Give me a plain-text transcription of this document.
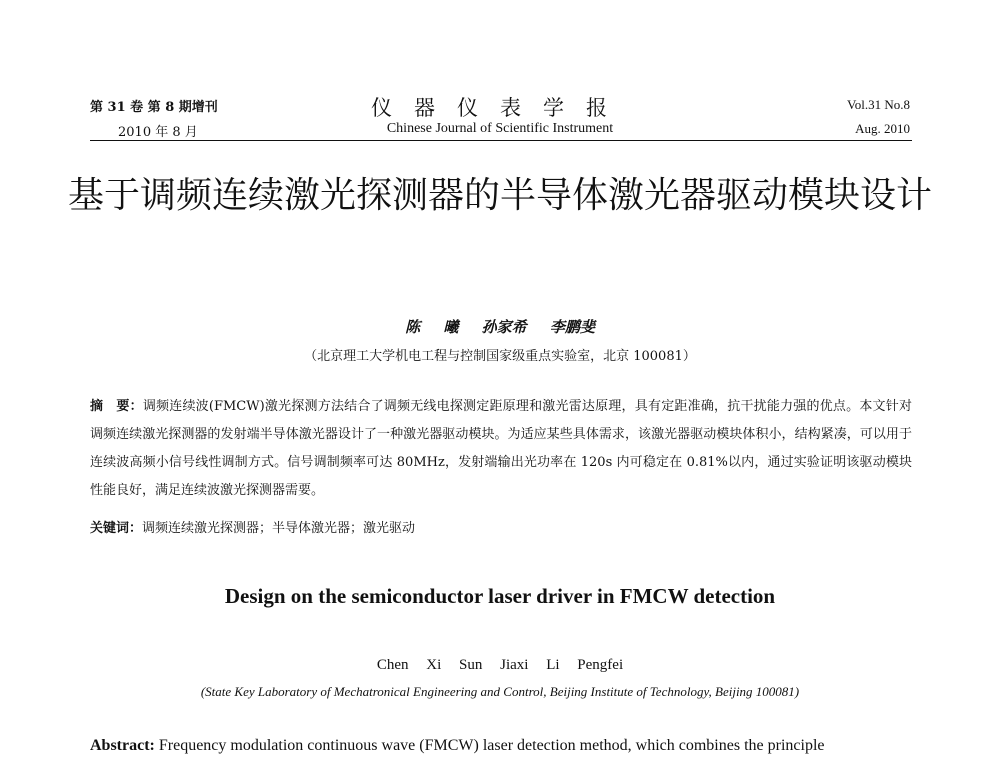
第 31 卷 第 8 期增刊
2010 年 8 月
仪器仪表学报
Chinese Journal of Scientific Instrument
Vol.31 No.8
Aug. 2010
基于调频连续激光探测器的半导体激光器驱动模块设计
陈 曦 孙家希 李鹏斐
（北京理工大学机电工程与控制国家级重点实验室，北京 100081）
摘　要：调频连续波(FMCW)激光探测方法结合了调频无线电探测定距原理和激光雷达原理，具有定距准确，抗干扰能力强的优点。本文针对调频连续激光探测器的发射端半导体激光器设计了一种激光器驱动模块。为适应某些具体需求，该激光器驱动模块体积小，结构紧凑，可以用于连续波高频小信号线性调制方式。信号调制频率可达 80MHz，发射端输出光功率在 120s 内可稳定在 0.81%以内，通过实验证明该驱动模块性能良好，满足连续波激光探测器需要。
关键词：调频连续激光探测器；半导体激光器；激光驱动
Design on the semiconductor laser driver in FMCW detection
Chen Xi Sun Jiaxi Li Pengfei
(State Key Laboratory of Mechatronical Engineering and Control, Beijing Institute of Technology, Beijing 100081)
Abstract: Frequency modulation continuous wave (FMCW) laser detection method, which combines the principle
